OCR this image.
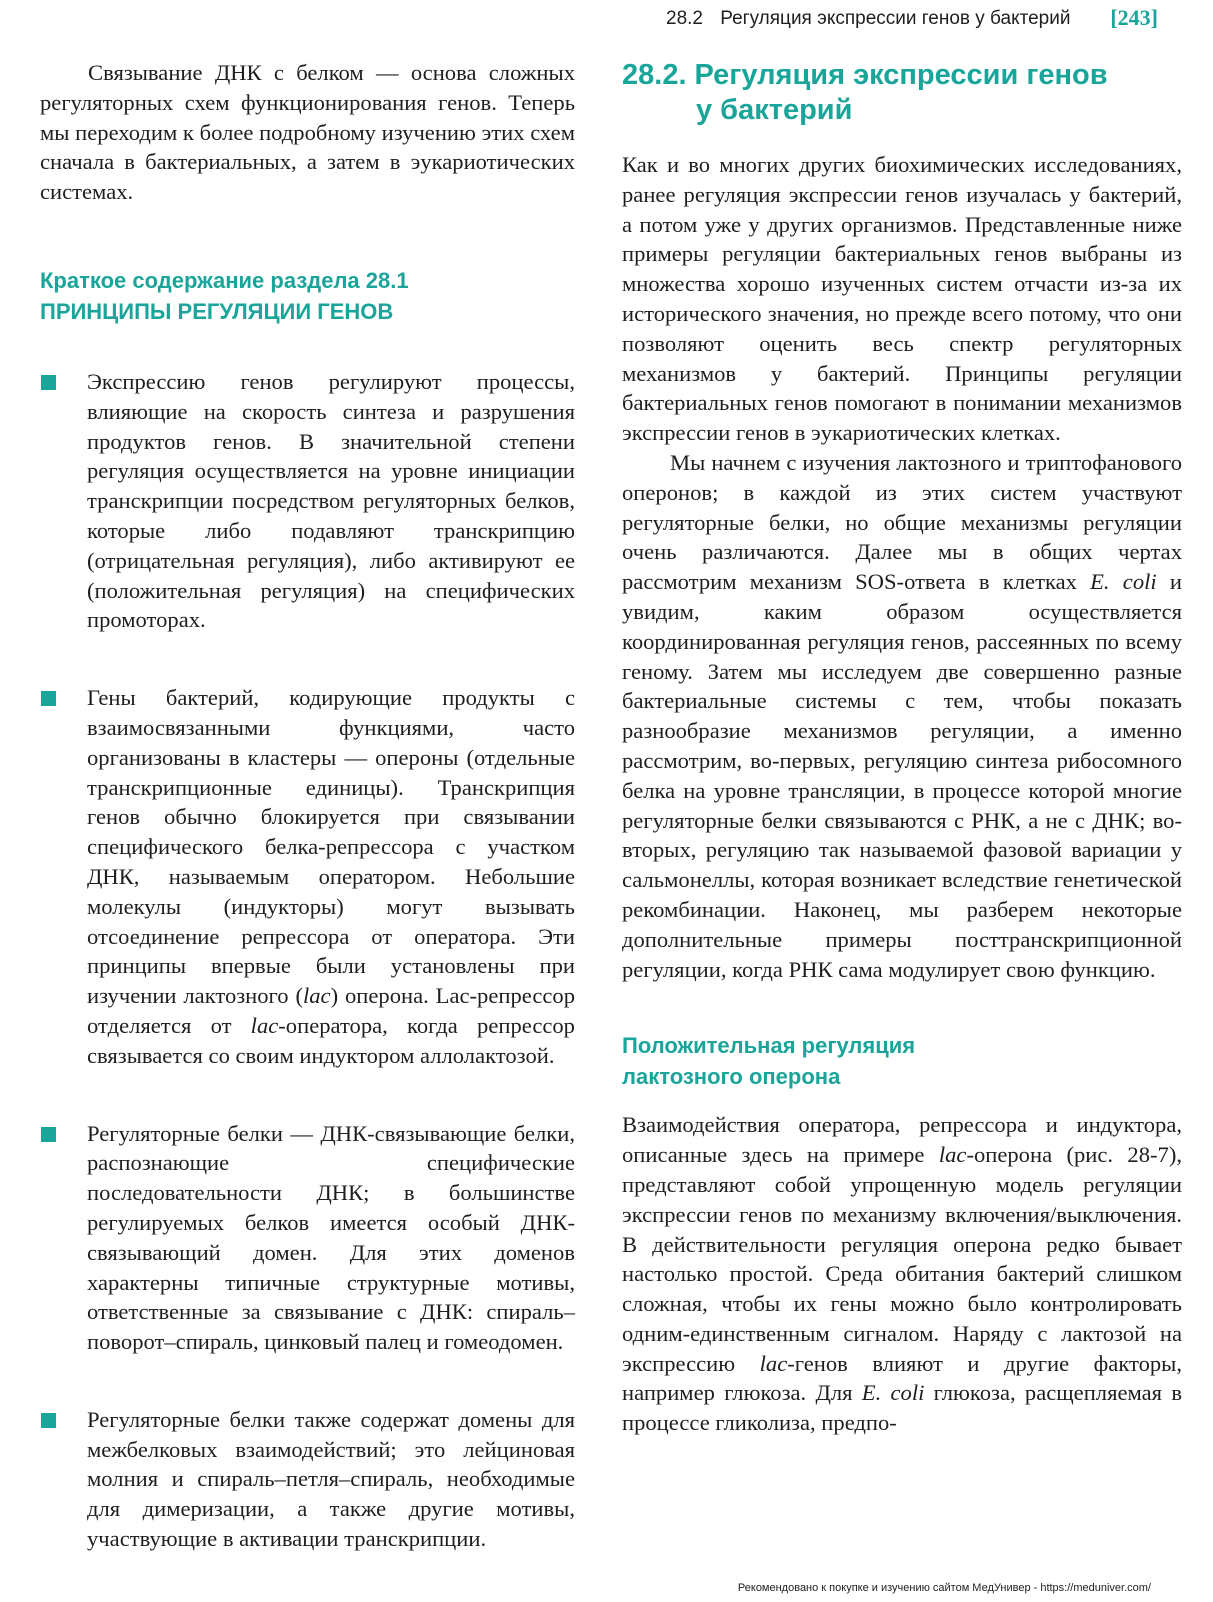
28.2 Регуляция экспрессии генов у бактерий [243]

Связывание ДНК с белком — основа сложных регуляторных схем функционирования генов. Теперь мы переходим к более подробному изучению этих схем сначала в бактериальных, а затем в эукариотических системах.

Краткое содержание раздела 28.1

ПРИНЦИПЫ РЕГУЛЯЦИИ ГЕНОВ

Экспрессию генов регулируют процессы, влияющие на скорость синтеза и разрушения продуктов генов. В значительной степени регуляция осуществляется на уровне инициации транскрипции посредством регуляторных белков, которые либо подавляют транскрипцию (отрицательная регуляция), либо активируют ее (положительная регуляция) на специфических промоторах.

Гены бактерий, кодирующие продукты с взаимосвязанными функциями, часто организованы в кластеры — опероны (отдельные транскрипционные единицы). Транскрипция генов обычно блокируется при связывании специфического белка-репрессора с участком ДНК, называемым оператором. Небольшие молекулы (индукторы) могут вызывать отсоединение репрессора от оператора. Эти принципы впервые были установлены при изучении лактозного (lac) оперона. Lac-репрессор отделяется от lac-оператора, когда репрессор связывается со своим индуктором аллолактозой.

Регуляторные белки — ДНК-связывающие белки, распознающие специфические последовательности ДНК; в большинстве регулируемых белков имеется особый ДНК-связывающий домен. Для этих доменов характерны типичные структурные мотивы, ответственные за связывание с ДНК: спираль–поворот–спираль, цинковый палец и гомеодомен.

Регуляторные белки также содержат домены для межбелковых взаимодействий; это лейциновая молния и спираль–петля–спираль, необходимые для димеризации, а также другие мотивы, участвующие в активации транскрипции.

28.2. Регуляция экспрессии генов
у бактерий

Как и во многих других биохимических исследованиях, ранее регуляция экспрессии генов изучалась у бактерий, а потом уже у других организмов. Представленные ниже примеры регуляции бактериальных генов выбраны из множества хорошо изученных систем отчасти из-за их исторического значения, но прежде всего потому, что они позволяют оценить весь спектр регуляторных механизмов у бактерий. Принципы регуляции бактериальных генов помогают в понимании механизмов экспрессии генов в эукариотических клетках.

Мы начнем с изучения лактозного и триптофанового оперонов; в каждой из этих систем участвуют регуляторные белки, но общие механизмы регуляции очень различаются. Далее мы в общих чертах рассмотрим механизм SOS-ответа в клетках E. coli и увидим, каким образом осуществляется координированная регуляция генов, рассеянных по всему геному. Затем мы исследуем две совершенно разные бактериальные системы с тем, чтобы показать разнообразие механизмов регуляции, а именно рассмотрим, во-первых, регуляцию синтеза рибосомного белка на уровне трансляции, в процессе которой многие регуляторные белки связываются с РНК, а не с ДНК; во-вторых, регуляцию так называемой фазовой вариации у сальмонеллы, которая возникает вследствие генетической рекомбинации. Наконец, мы разберем некоторые дополнительные примеры посттранскрипционной регуляции, когда РНК сама модулирует свою функцию.

Положительная регуляция

лактозного оперона

Взаимодействия оператора, репрессора и индуктора, описанные здесь на примере lac-оперона (рис. 28-7), представляют собой упрощенную модель регуляции экспрессии генов по механизму включения/выключения. В действительности регуляция оперона редко бывает настолько простой. Среда обитания бактерий слишком сложная, чтобы их гены можно было контролировать одним-единственным сигналом. Наряду с лактозой на экспрессию lac-генов влияют и другие факторы, например глюкоза. Для E. coli глюкоза, расщепляемая в процессе гликолиза, предпо-

Рекомендовано к покупке и изучению сайтом МедУнивер - https://meduniver.com/
